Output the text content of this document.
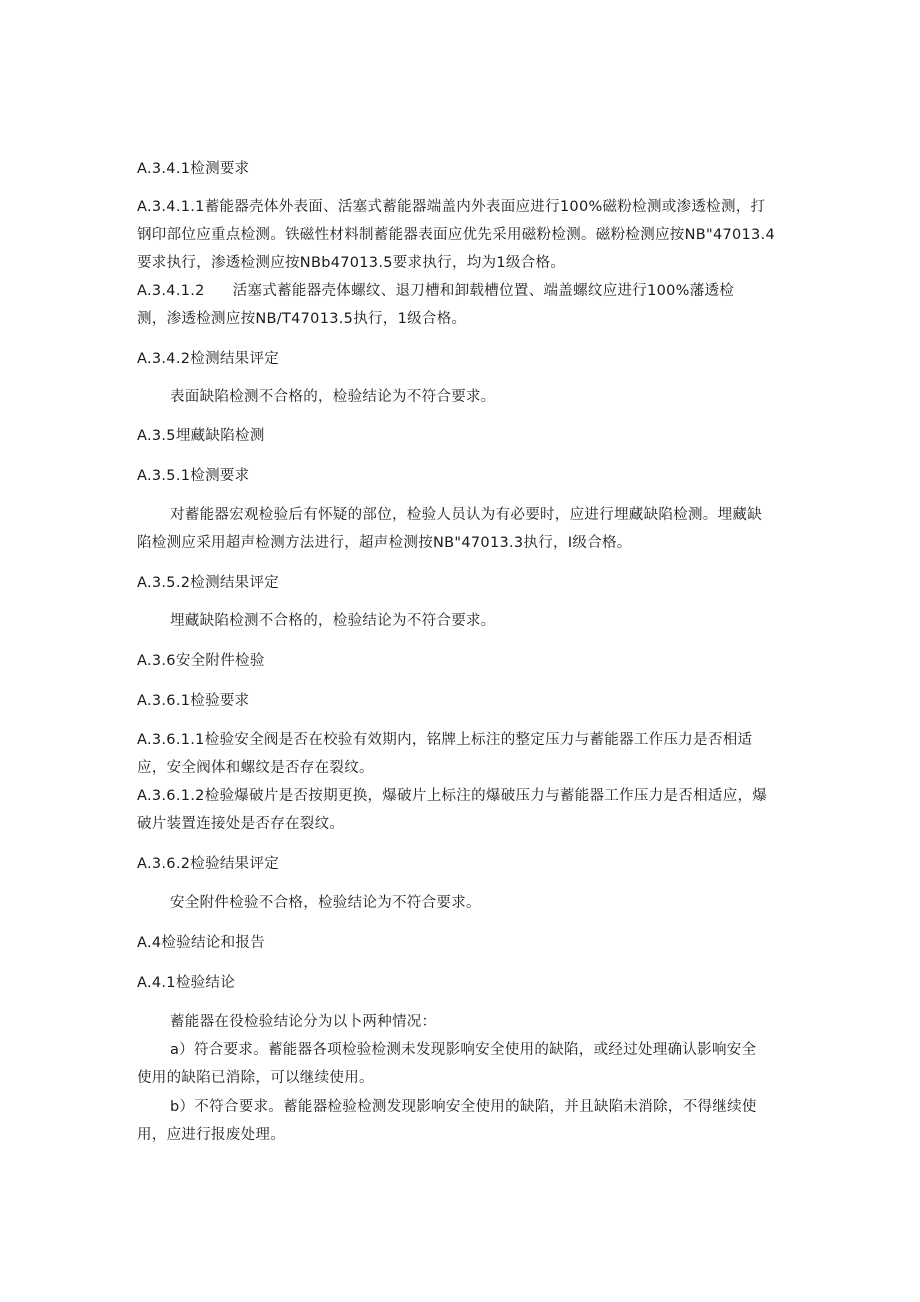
A.3.4.1检测要求
A.3.4.1.1蓄能器壳体外表面、活塞式蓄能器端盖内外表面应进行100%磁粉检测或渗透检测，打
钢印部位应重点检测。铁磁性材料制蓄能器表面应优先采用磁粉检测。磁粉检测应按NB"47013.4
要求执行，渗透检测应按NBb47013.5要求执行，均为1级合格。
A.3.4.1.2 活塞式蓄能器壳体螺纹、退刀槽和卸载槽位置、端盖螺纹应进行100%藩透检
测，渗透检测应按NB/T47013.5执行，1级合格。
A.3.4.2检测结果评定
表面缺陷检测不合格的，检验结论为不符合要求。
A.3.5埋藏缺陷检测
A.3.5.1检测要求
对蓄能器宏观检验后有怀疑的部位，检验人员认为有必要时，应进行埋藏缺陷检测。埋藏缺
陷检测应采用超声检测方法进行，超声检测按NB"47013.3执行，I级合格。
A.3.5.2检测结果评定
埋藏缺陷检测不合格的，检验结论为不符合要求。
A.3.6安全附件检验
A.3.6.1检验要求
A.3.6.1.1检验安全阀是否在校验有效期内，铭牌上标注的整定压力与蓄能器工作压力是否相适
应，安全阀体和螺纹是否存在裂纹。
A.3.6.1.2检验爆破片是否按期更换，爆破片上标注的爆破压力与蓄能器工作压力是否相适应，爆
破片装置连接处是否存在裂纹。
A.3.6.2检验结果评定
安全附件检验不合格，检验结论为不符合要求。
A.4检验结论和报告
A.4.1检验结论
蓄能器在役检验结论分为以卜两种情况：
a）符合要求。蓄能器各项检验检测未发现影响安全使用的缺陷，或经过处理确认影响安全
使用的缺陷已消除，可以继续使用。
b）不符合要求。蓄能器检验检测发现影响安全使用的缺陷，并且缺陷未消除，不得继续使
用，应进行报废处理。
